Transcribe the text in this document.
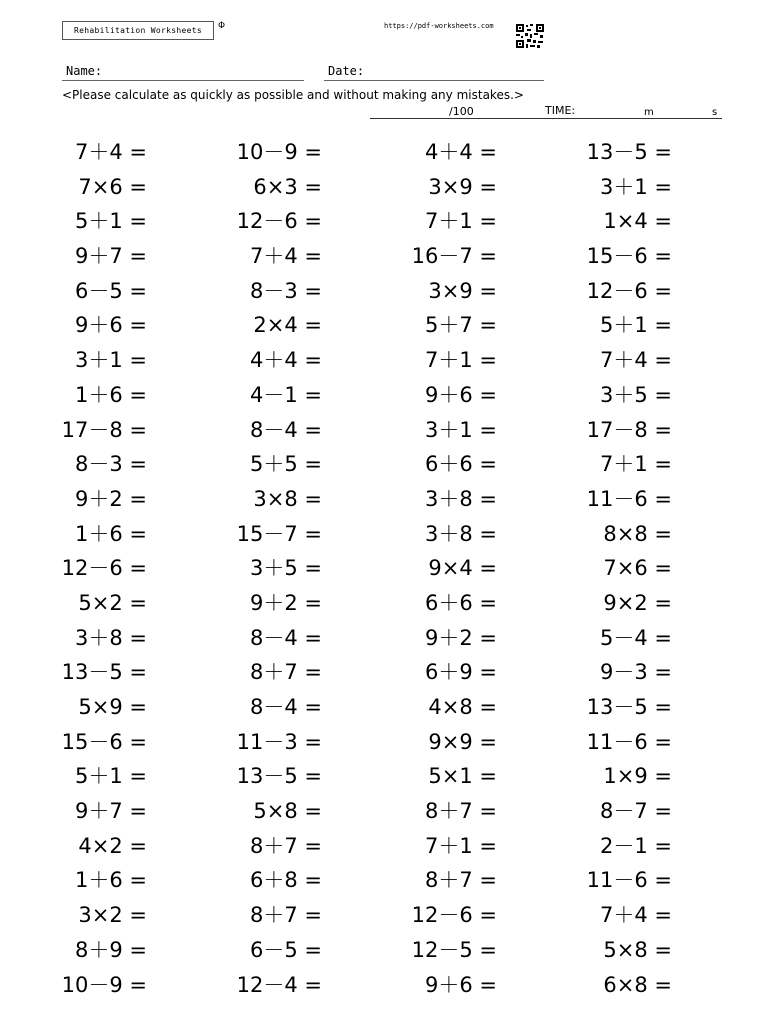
Rehabilitation Worksheets	Φ	https://pdf-worksheets.com
Name:	Date:
<Please calculate as quickly as possible and without making any mistakes.>
/100	TIME:	m	s
7＋4 =	10－9 =	4＋4 =	13－5 =
7×6 =	6×3 =	3×9 =	3＋1 =
5＋1 =	12－6 =	7＋1 =	1×4 =
9＋7 =	7＋4 =	16－7 =	15－6 =
6－5 =	8－3 =	3×9 =	12－6 =
9＋6 =	2×4 =	5＋7 =	5＋1 =
3＋1 =	4＋4 =	7＋1 =	7＋4 =
1＋6 =	4－1 =	9＋6 =	3＋5 =
17－8 =	8－4 =	3＋1 =	17－8 =
8－3 =	5＋5 =	6＋6 =	7＋1 =
9＋2 =	3×8 =	3＋8 =	11－6 =
1＋6 =	15－7 =	3＋8 =	8×8 =
12－6 =	3＋5 =	9×4 =	7×6 =
5×2 =	9＋2 =	6＋6 =	9×2 =
3＋8 =	8－4 =	9＋2 =	5－4 =
13－5 =	8＋7 =	6＋9 =	9－3 =
5×9 =	8－4 =	4×8 =	13－5 =
15－6 =	11－3 =	9×9 =	11－6 =
5＋1 =	13－5 =	5×1 =	1×9 =
9＋7 =	5×8 =	8＋7 =	8－7 =
4×2 =	8＋7 =	7＋1 =	2－1 =
1＋6 =	6＋8 =	8＋7 =	11－6 =
3×2 =	8＋7 =	12－6 =	7＋4 =
8＋9 =	6－5 =	12－5 =	5×8 =
10－9 =	12－4 =	9＋6 =	6×8 =
